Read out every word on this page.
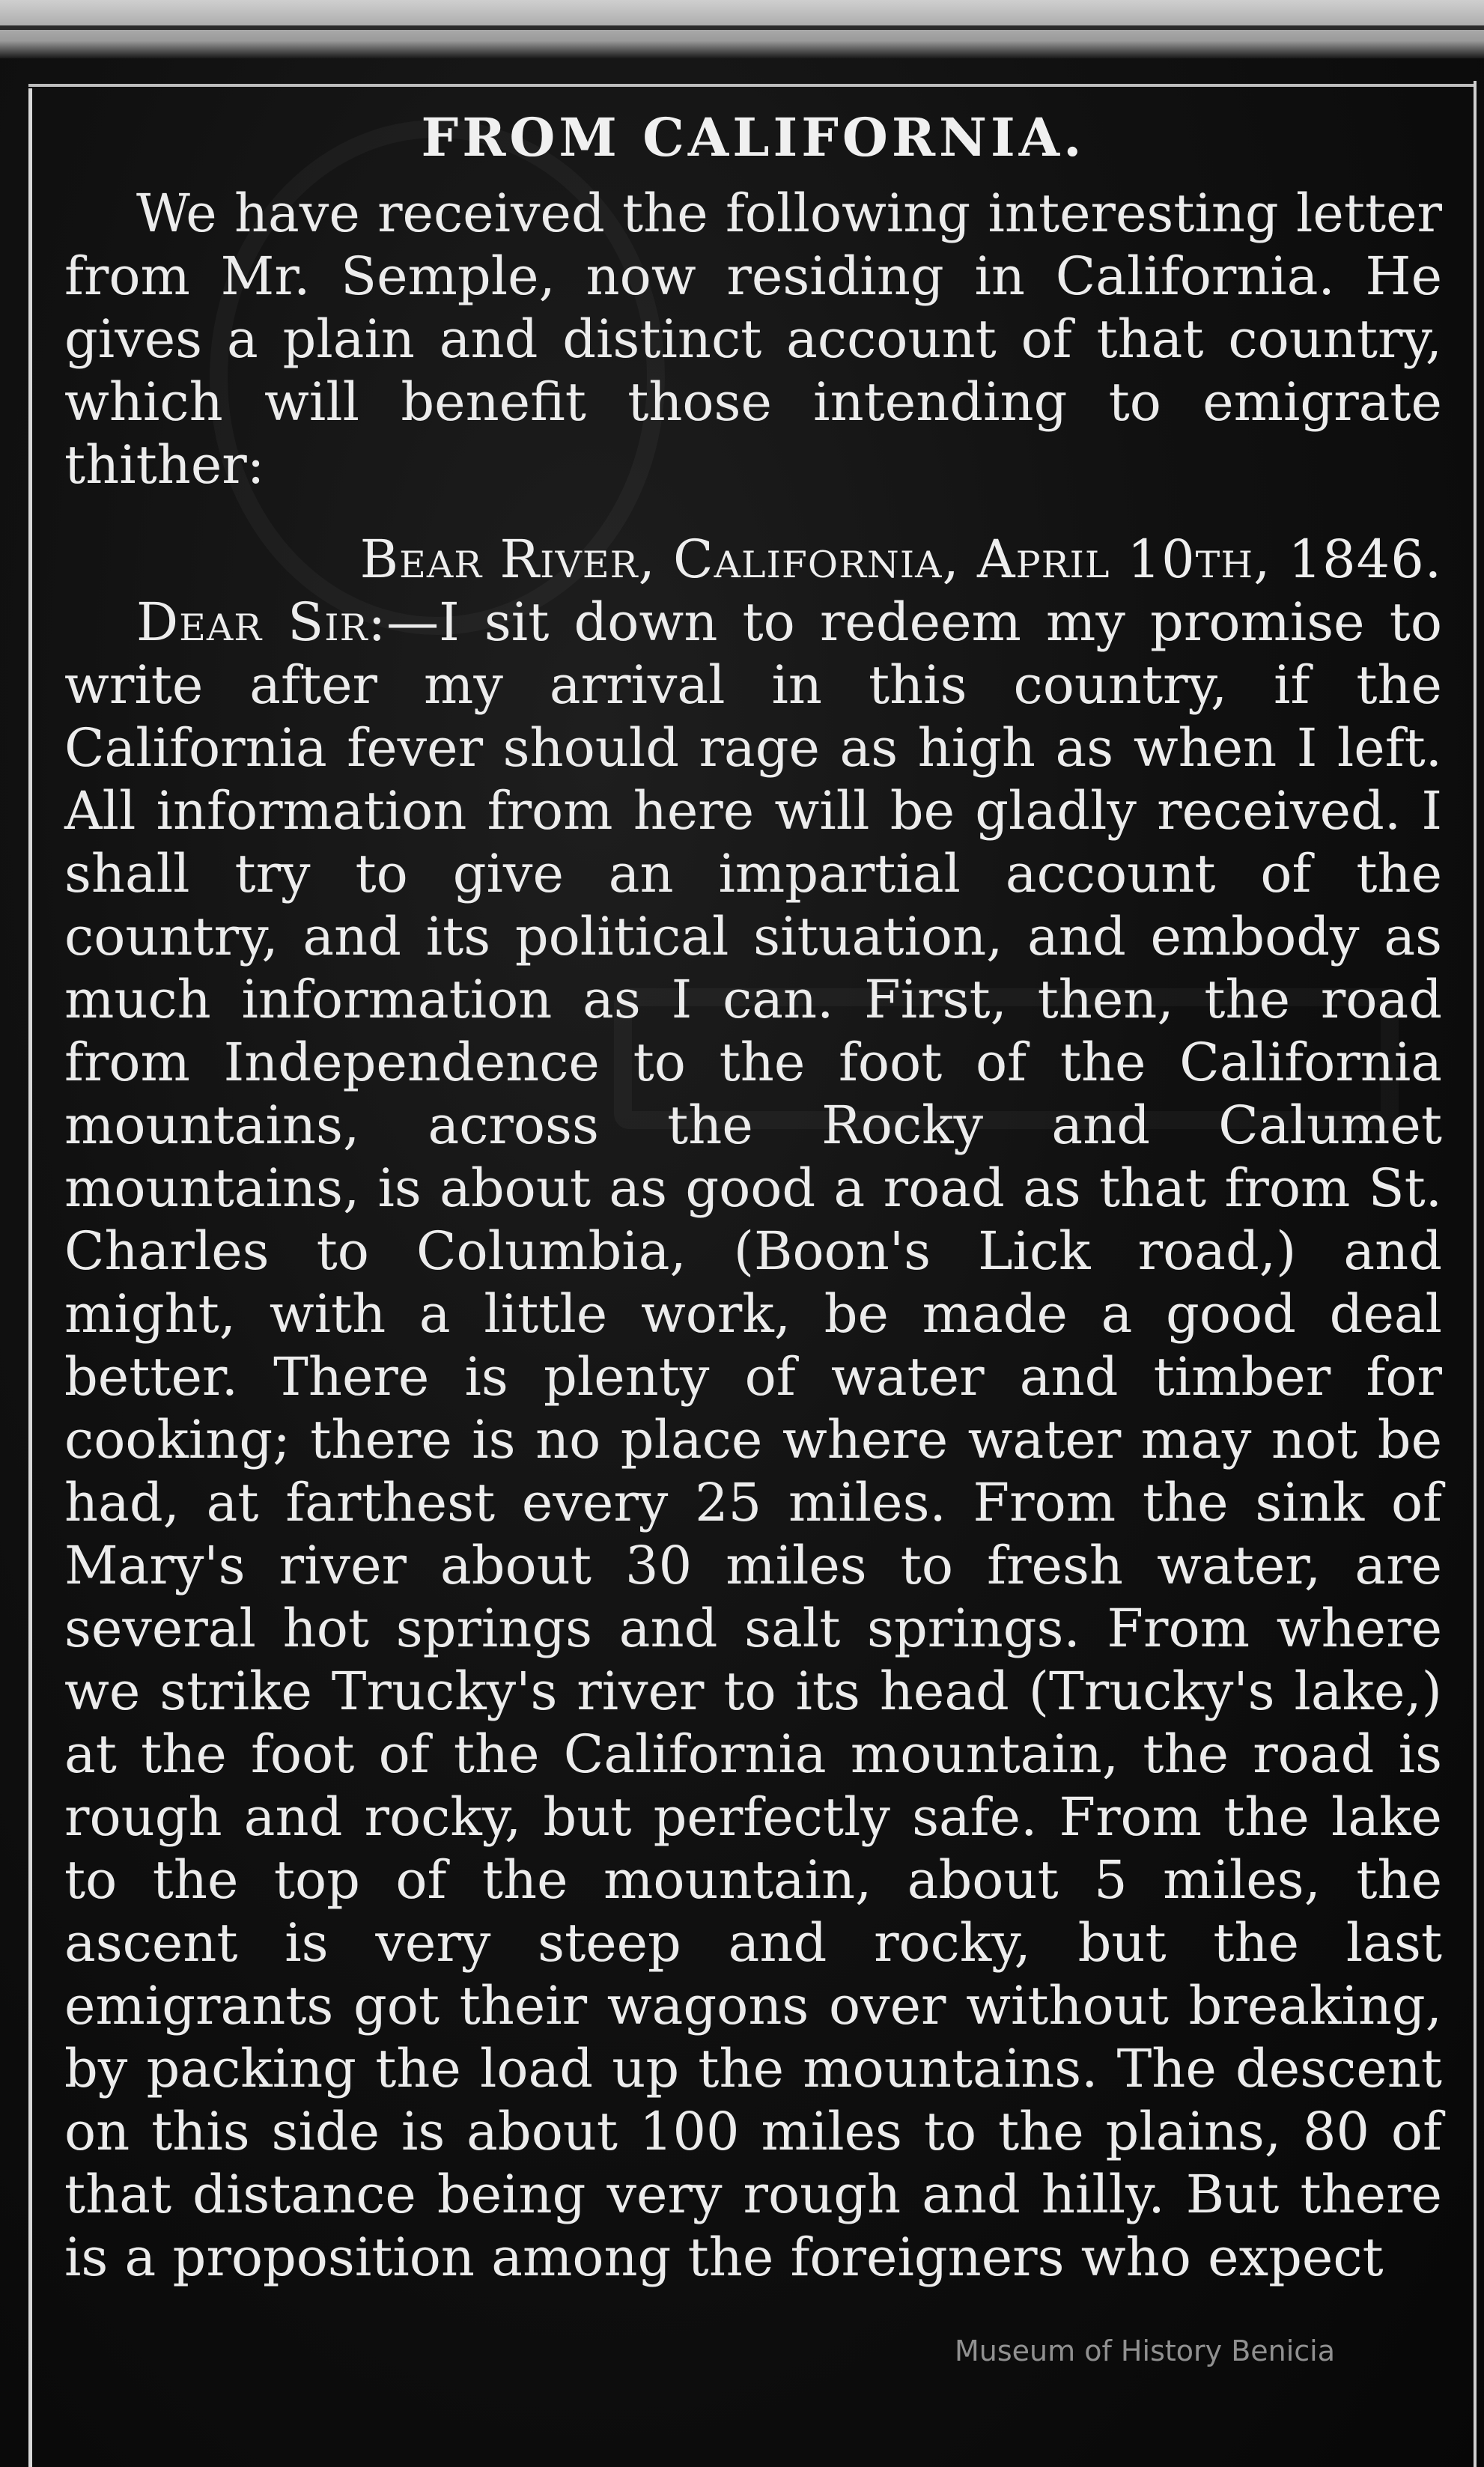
FROM CALIFORNIA.

We have received the following interesting letter from Mr. Semple, now residing in California. He gives a plain and distinct account of that country, which will benefit those intending to emigrate thither:

Bear River, California, April 10th, 1846.

Dear Sir:—I sit down to redeem my promise to write after my arrival in this country, if the California fever should rage as high as when I left. All information from here will be gladly received. I shall try to give an impartial account of the country, and its political situation, and embody as much information as I can. First, then, the road from Independence to the foot of the California mountains, across the Rocky and Calumet mountains, is about as good a road as that from St. Charles to Columbia, (Boon's Lick road,) and might, with a little work, be made a good deal better. There is plenty of water and timber for cooking; there is no place where water may not be had, at farthest every 25 miles. From the sink of Mary's river about 30 miles to fresh water, are several hot springs and salt springs. From where we strike Trucky's river to its head (Trucky's lake,) at the foot of the California mountain, the road is rough and rocky, but perfectly safe. From the lake to the top of the mountain, about 5 miles, the ascent is very steep and rocky, but the last emigrants got their wagons over without breaking, by packing the load up the mountains. The descent on this side is about 100 miles to the plains, 80 of that distance being very rough and hilly. But there is a proposition among the foreigners who expect

Museum of History Benicia
